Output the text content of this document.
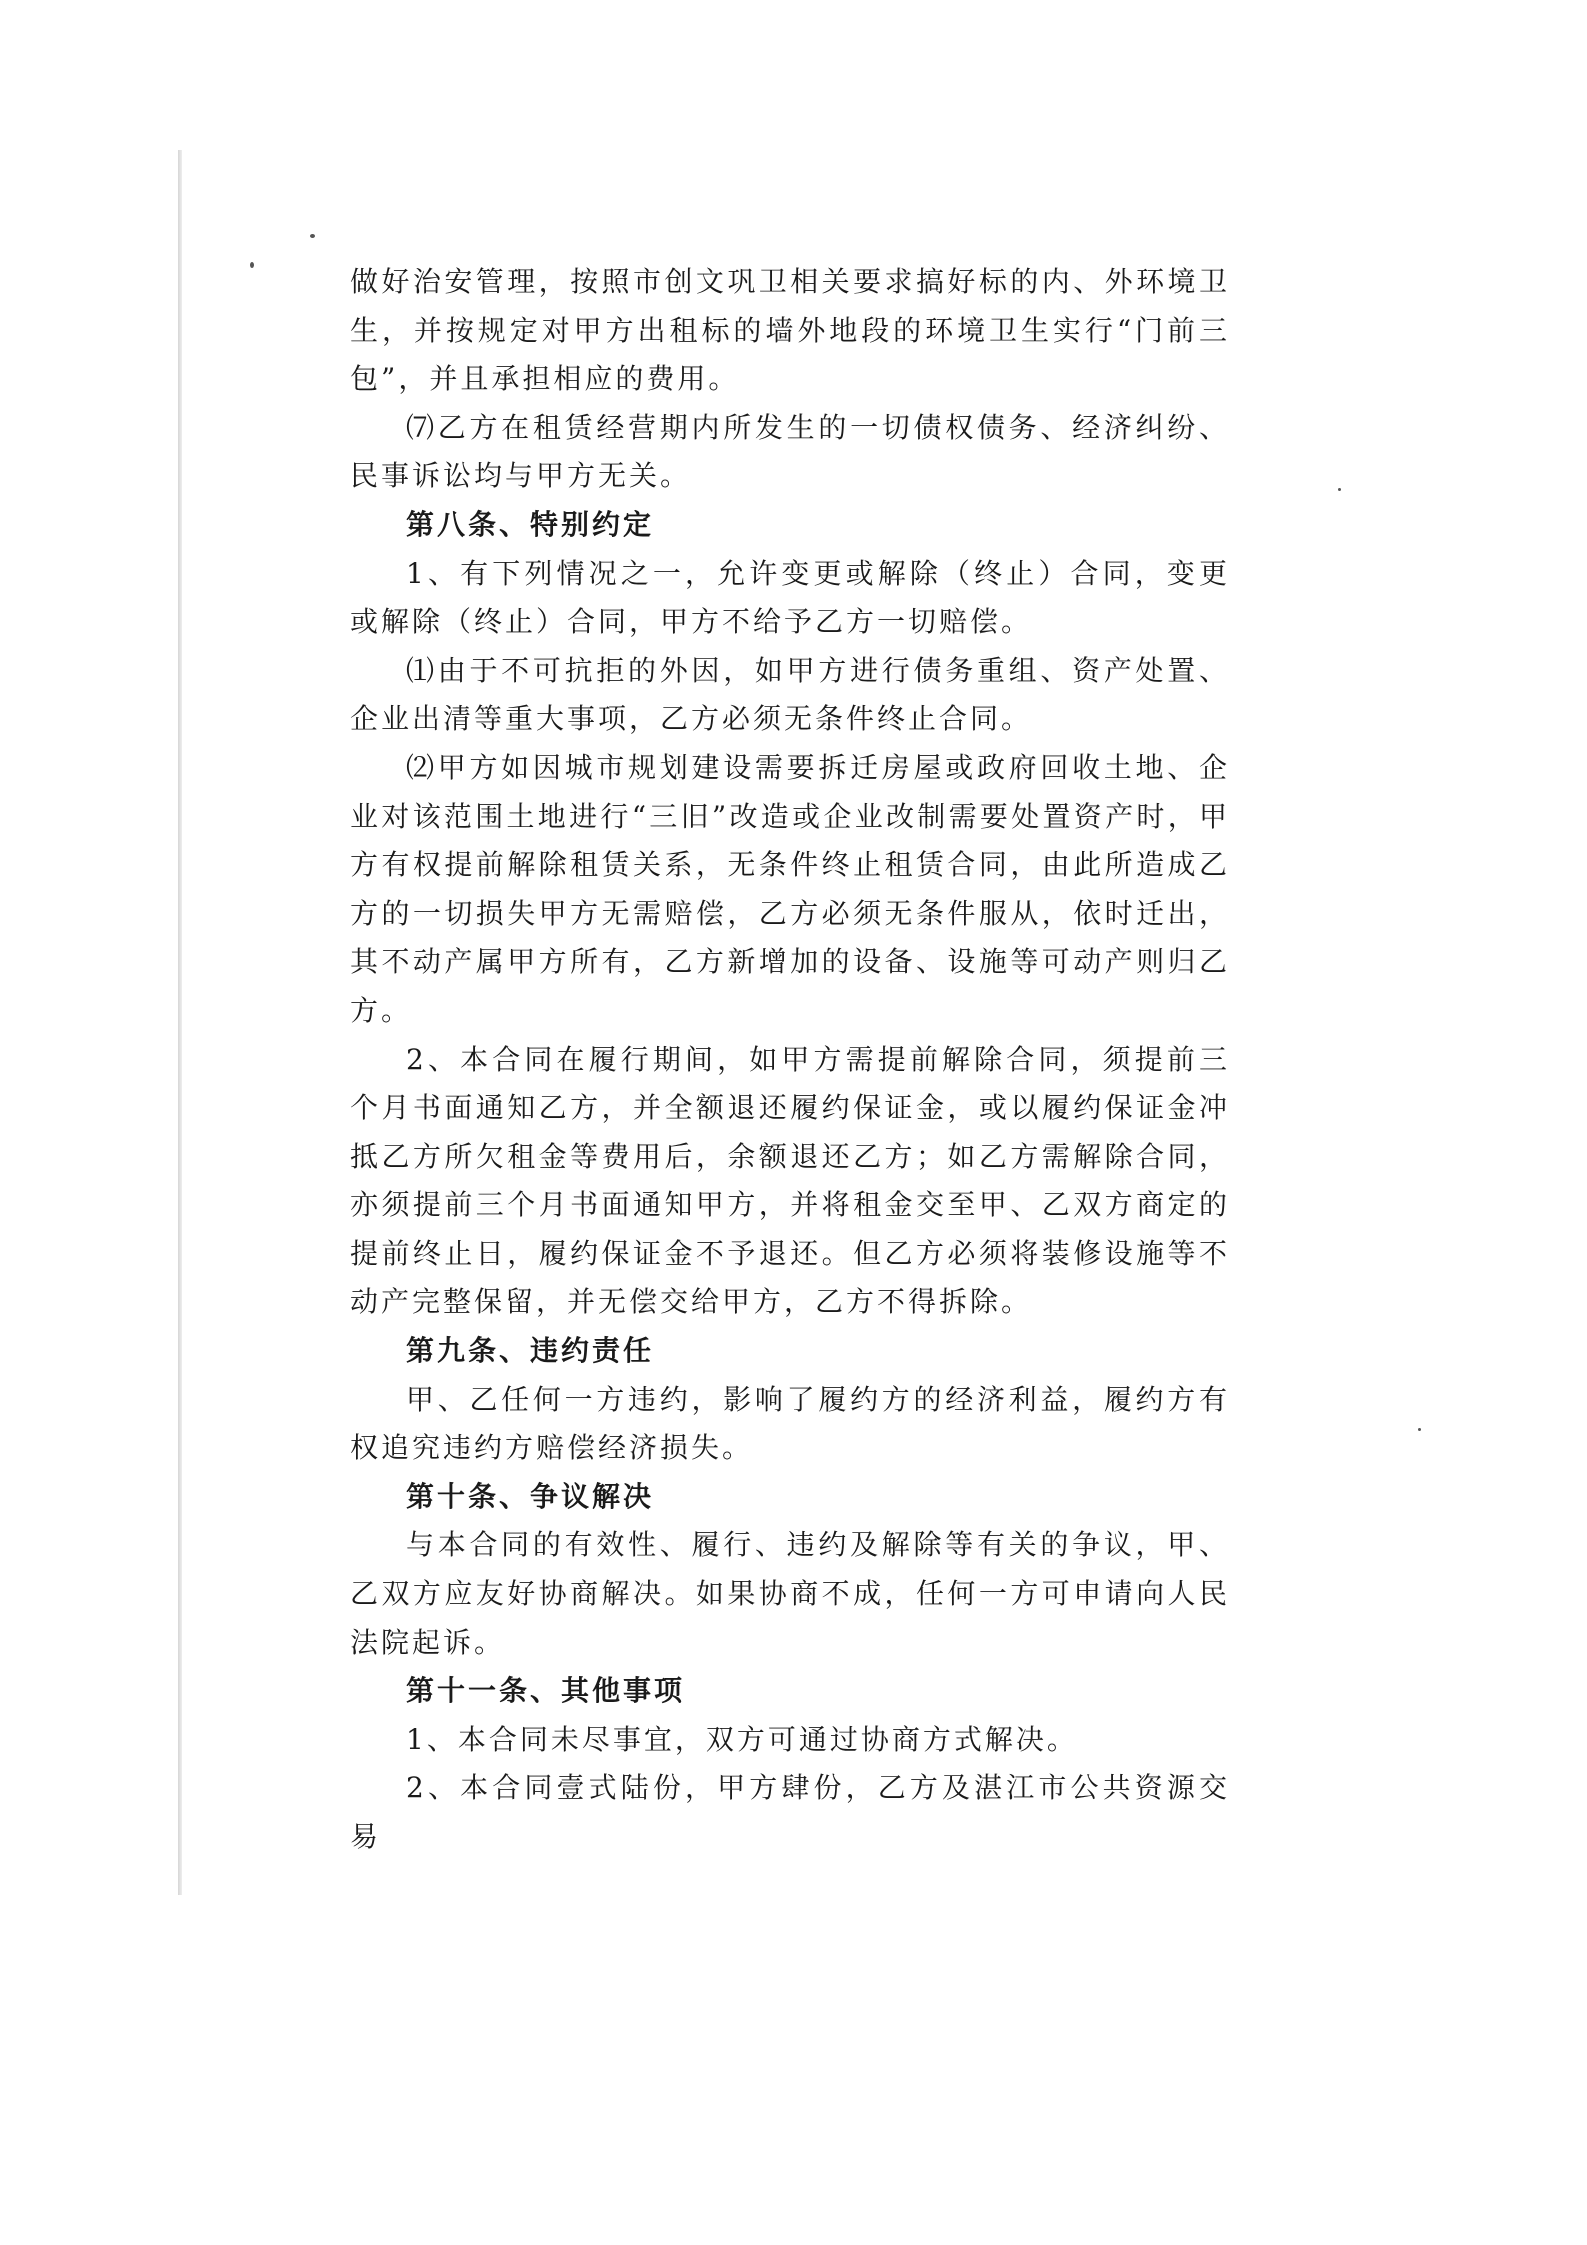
做好治安管理，按照市创文巩卫相关要求搞好标的内、外环境卫生，并按规定对甲方出租标的墙外地段的环境卫生实行“门前三包”，并且承担相应的费用。

⑺乙方在租赁经营期内所发生的一切债权债务、经济纠纷、民事诉讼均与甲方无关。

第八条、特别约定

1、有下列情况之一，允许变更或解除（终止）合同，变更或解除（终止）合同，甲方不给予乙方一切赔偿。

⑴由于不可抗拒的外因，如甲方进行债务重组、资产处置、企业出清等重大事项，乙方必须无条件终止合同。

⑵甲方如因城市规划建设需要拆迁房屋或政府回收土地、企业对该范围土地进行“三旧”改造或企业改制需要处置资产时，甲方有权提前解除租赁关系，无条件终止租赁合同，由此所造成乙方的一切损失甲方无需赔偿，乙方必须无条件服从，依时迁出，其不动产属甲方所有，乙方新增加的设备、设施等可动产则归乙方。

2、本合同在履行期间，如甲方需提前解除合同，须提前三个月书面通知乙方，并全额退还履约保证金，或以履约保证金冲抵乙方所欠租金等费用后，余额退还乙方；如乙方需解除合同，亦须提前三个月书面通知甲方，并将租金交至甲、乙双方商定的提前终止日，履约保证金不予退还。但乙方必须将装修设施等不动产完整保留，并无偿交给甲方，乙方不得拆除。

第九条、违约责任

甲、乙任何一方违约，影响了履约方的经济利益，履约方有权追究违约方赔偿经济损失。

第十条、争议解决

与本合同的有效性、履行、违约及解除等有关的争议，甲、乙双方应友好协商解决。如果协商不成，任何一方可申请向人民法院起诉。

第十一条、其他事项

1、本合同未尽事宜，双方可通过协商方式解决。

2、本合同壹式陆份，甲方肆份，乙方及湛江市公共资源交易
